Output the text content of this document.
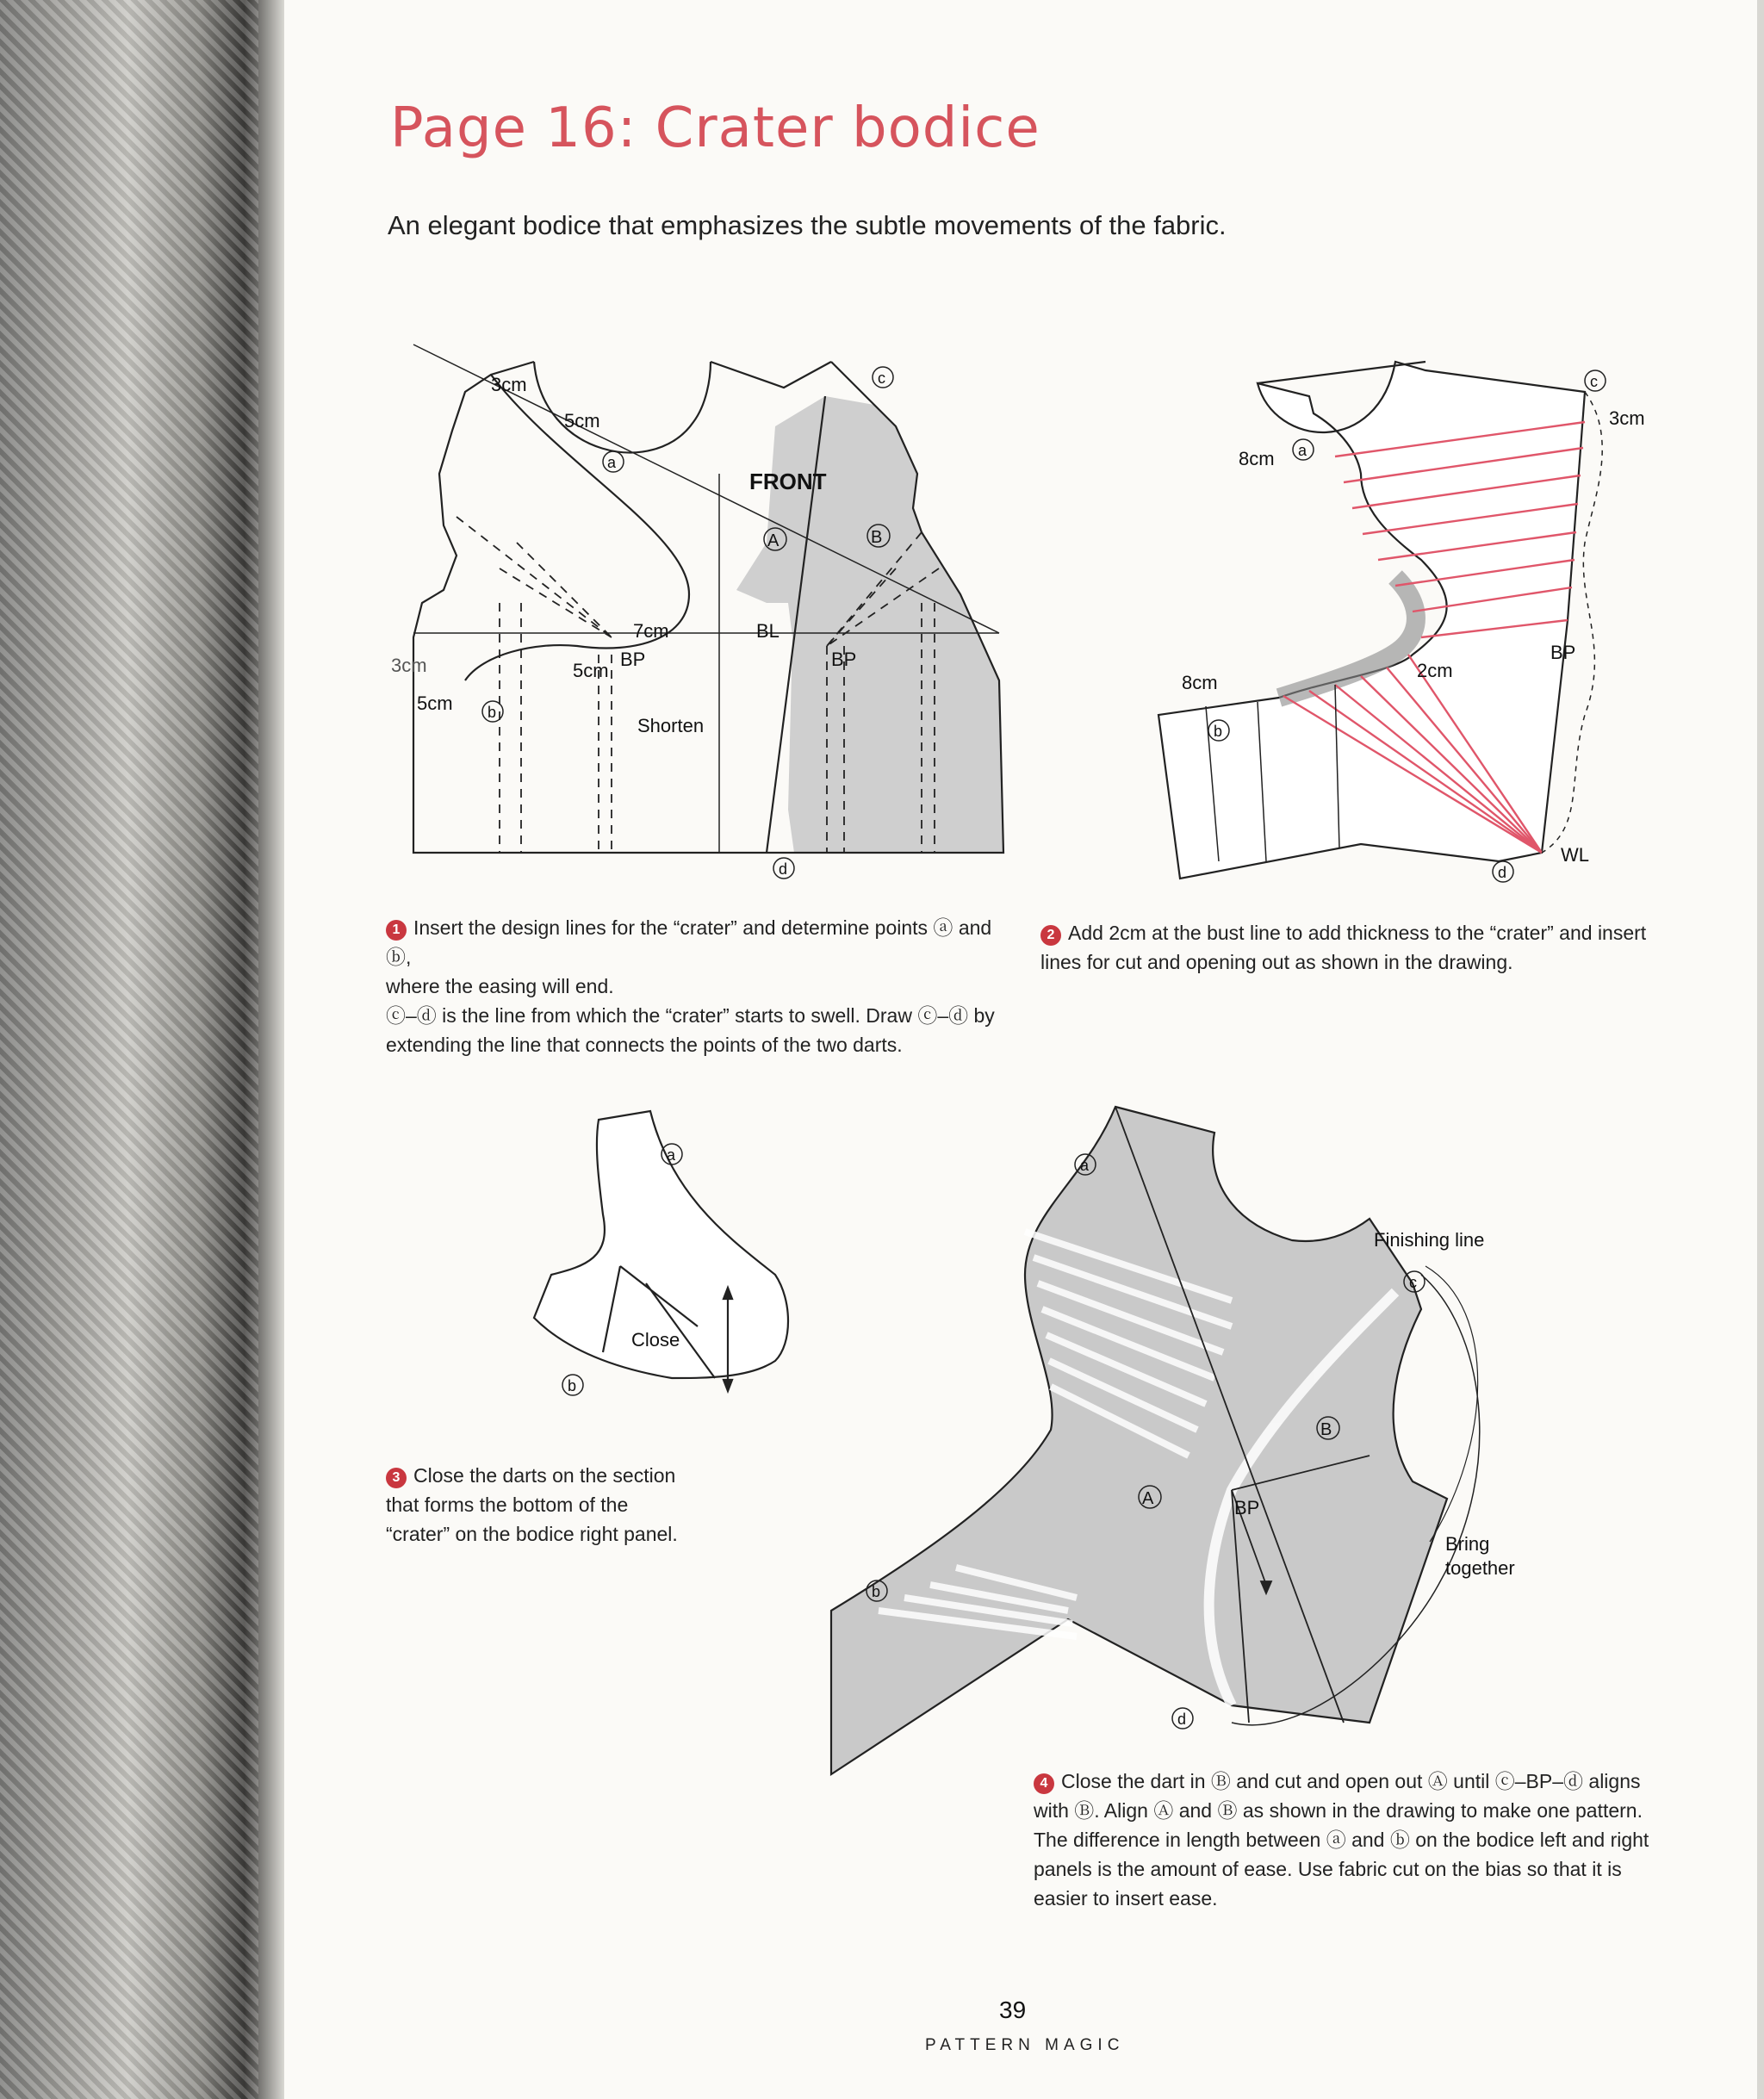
Page 16: Crater bodice
An elegant bodice that emphasizes the subtle movements of the fabric.
3cm
5cm
a
FRONT
A	B
c
7cm	BL
BP	BP
5cm
3cm
5cm b
Shorten
d
c
3cm
8cm a
BP
2cm
8cm
b
WL
d
a
Close
b
a
Finishing line
c
B
A	BP
Bring
together
b
d
1 Insert the design lines for the “crater” and determine points ⓐ and ⓑ,
where the easing will end.
ⓒ–ⓓ is the line from which the “crater” starts to swell. Draw ⓒ–ⓓ by
extending the line that connects the points of the two darts.
2 Add 2cm at the bust line to add thickness to the “crater” and insert
lines for cut and opening out as shown in the drawing.
3 Close the darts on the section
that forms the bottom of the
“crater” on the bodice right panel.
4 Close the dart in Ⓑ and cut and open out Ⓐ until ⓒ–BP–ⓓ aligns
with Ⓑ. Align Ⓐ and Ⓑ as shown in the drawing to make one pattern.
The difference in length between ⓐ and ⓑ on the bodice left and right
panels is the amount of ease. Use fabric cut on the bias so that it is
easier to insert ease.
39
PATTERN MAGIC
